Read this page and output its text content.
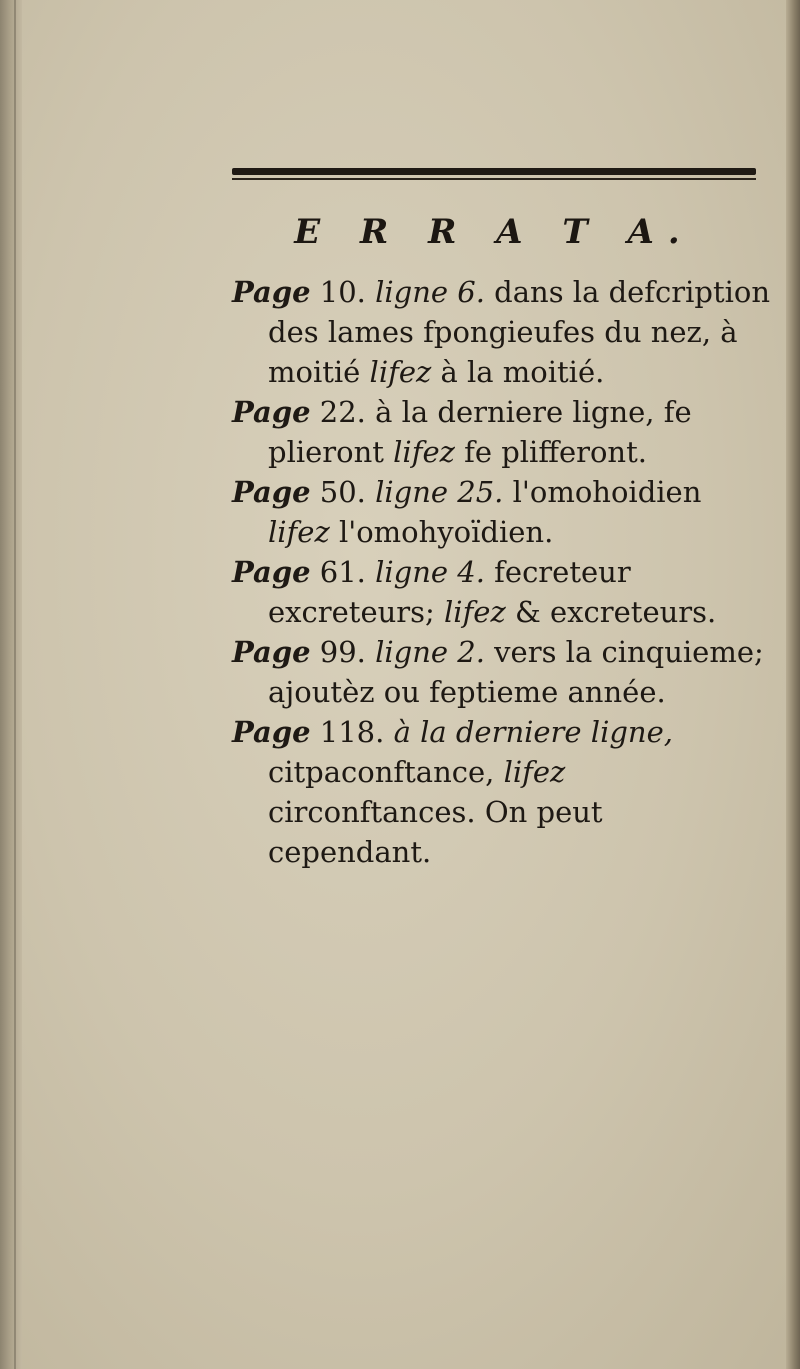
E R R A T A.

Page 10. ligne 6. dans la defcription des lames fpongieufes du nez, à moitié lifez à la moitié.

Page 22. à la derniere ligne, fe plieront lifez fe plifferont.

Page 50. ligne 25. l'omohoidien lifez l'omohyoïdien.

Page 61. ligne 4. fecreteur excreteurs; lifez & excreteurs.

Page 99. ligne 2. vers la cinquieme; ajoutèz ou feptieme année.

Page 118. à la derniere ligne, citpaconftance, lifez circonftances. On peut cependant.
